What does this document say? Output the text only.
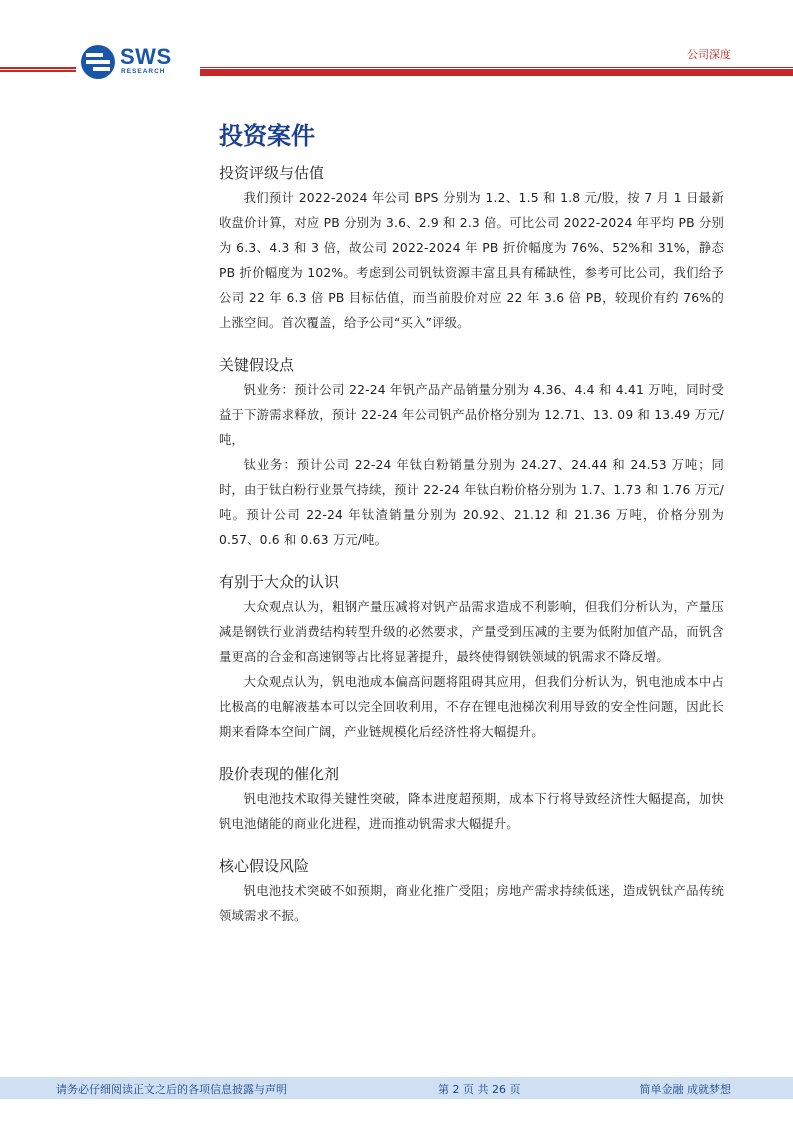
SWS
RESEARCH
公司深度
投资案件
投资评级与估值

我们预计 2022-2024 年公司 BPS 分别为 1.2、1.5 和 1.8 元/股，按 7 月 1 日最新收盘价计算，对应 PB 分别为 3.6、2.9 和 2.3 倍。可比公司 2022-2024 年平均 PB 分别为 6.3、4.3 和 3 倍，故公司 2022-2024 年 PB 折价幅度为 76%、52%和 31%，静态 PB 折价幅度为 102%。考虑到公司钒钛资源丰富且具有稀缺性，参考可比公司，我们给予公司 22 年 6.3 倍 PB 目标估值，而当前股价对应 22 年 3.6 倍 PB，较现价有约 76%的上涨空间。首次覆盖，给予公司“买入”评级。

关键假设点

钒业务：预计公司 22-24 年钒产品产品销量分别为 4.36、4.4 和 4.41 万吨，同时受益于下游需求释放，预计 22-24 年公司钒产品价格分别为 12.71、13. 09 和 13.49 万元/吨，

钛业务：预计公司 22-24 年钛白粉销量分别为 24.27、24.44 和 24.53 万吨；同时，由于钛白粉行业景气持续，预计 22-24 年钛白粉价格分别为 1.7、1.73 和 1.76 万元/吨。预计公司 22-24 年钛渣销量分别为 20.92、21.12 和 21.36 万吨，价格分别为 0.57、0.6 和 0.63 万元/吨。

有别于大众的认识

大众观点认为，粗钢产量压减将对钒产品需求造成不利影响，但我们分析认为，产量压减是钢铁行业消费结构转型升级的必然要求，产量受到压减的主要为低附加值产品，而钒含量更高的合金和高速钢等占比将显著提升，最终使得钢铁领域的钒需求不降反增。

大众观点认为，钒电池成本偏高问题将阻碍其应用，但我们分析认为，钒电池成本中占比极高的电解液基本可以完全回收利用，不存在锂电池梯次利用导致的安全性问题，因此长期来看降本空间广阔，产业链规模化后经济性将大幅提升。

股价表现的催化剂

钒电池技术取得关键性突破，降本进度超预期，成本下行将导致经济性大幅提高，加快钒电池储能的商业化进程，进而推动钒需求大幅提升。

核心假设风险

钒电池技术突破不如预期，商业化推广受阻；房地产需求持续低迷，造成钒钛产品传统领域需求不振。

请务必仔细阅读正文之后的各项信息披露与声明	第 2 页 共 26 页	简单金融 成就梦想
